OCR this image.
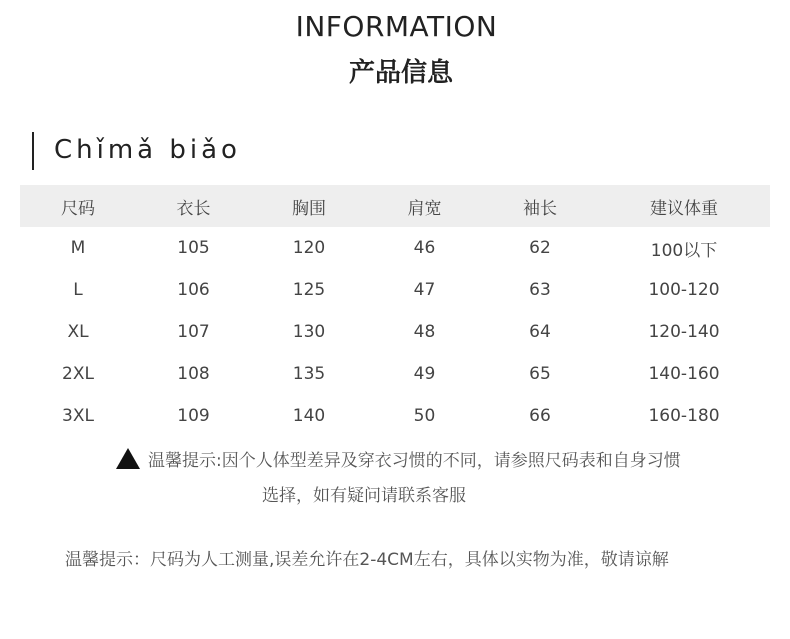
INFORMATION
产品信息
Chǐmǎ biǎo
尺码	衣长	胸围	肩宽	袖长	建议体重
M	105	120	46	62	100以下
L	106	125	47	63	100-120
XL	107	130	48	64	120-140
2XL	108	135	49	65	140-160
3XL	109	140	50	66	160-180
温馨提示:因个人体型差异及穿衣习惯的不同，请参照尺码表和自身习惯
选择，如有疑问请联系客服
温馨提示：尺码为人工测量,误差允许在2-4CM左右，具体以实物为准，敬请谅解
